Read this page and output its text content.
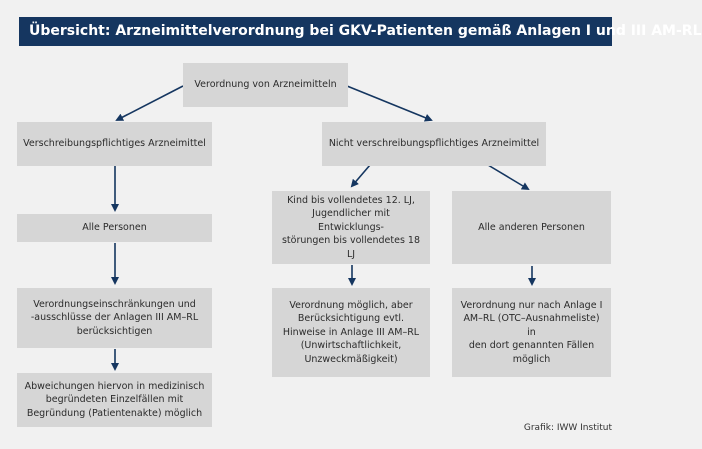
Übersicht: Arzneimittelverordnung bei GKV-Patienten gemäß Anlagen I und III AM-RL
Verordnung von Arzneimitteln
Verschreibungspflichtiges Arzneimittel	Nicht verschreibungspflichtiges Arzneimittel
Alle Personen
Kind bis vollendetes 12. LJ,
Jugendlicher mit Entwicklungs-
störungen bis vollendetes 18 LJ
Alle anderen Personen
Verordnungseinschränkungen und
-ausschlüsse der Anlagen III AM–RL
berücksichtigen
Verordnung möglich, aber
Berücksichtigung evtl.
Hinweise in Anlage III AM–RL
(Unwirtschaftlichkeit,
Unzweckmäßigkeit)
Verordnung nur nach Anlage I
AM–RL (OTC–Ausnahmeliste) in
den dort genannten Fällen
möglich
Abweichungen hiervon in medizinisch
begründeten Einzelfällen mit
Begründung (Patientenakte) möglich
Grafik: IWW Institut
